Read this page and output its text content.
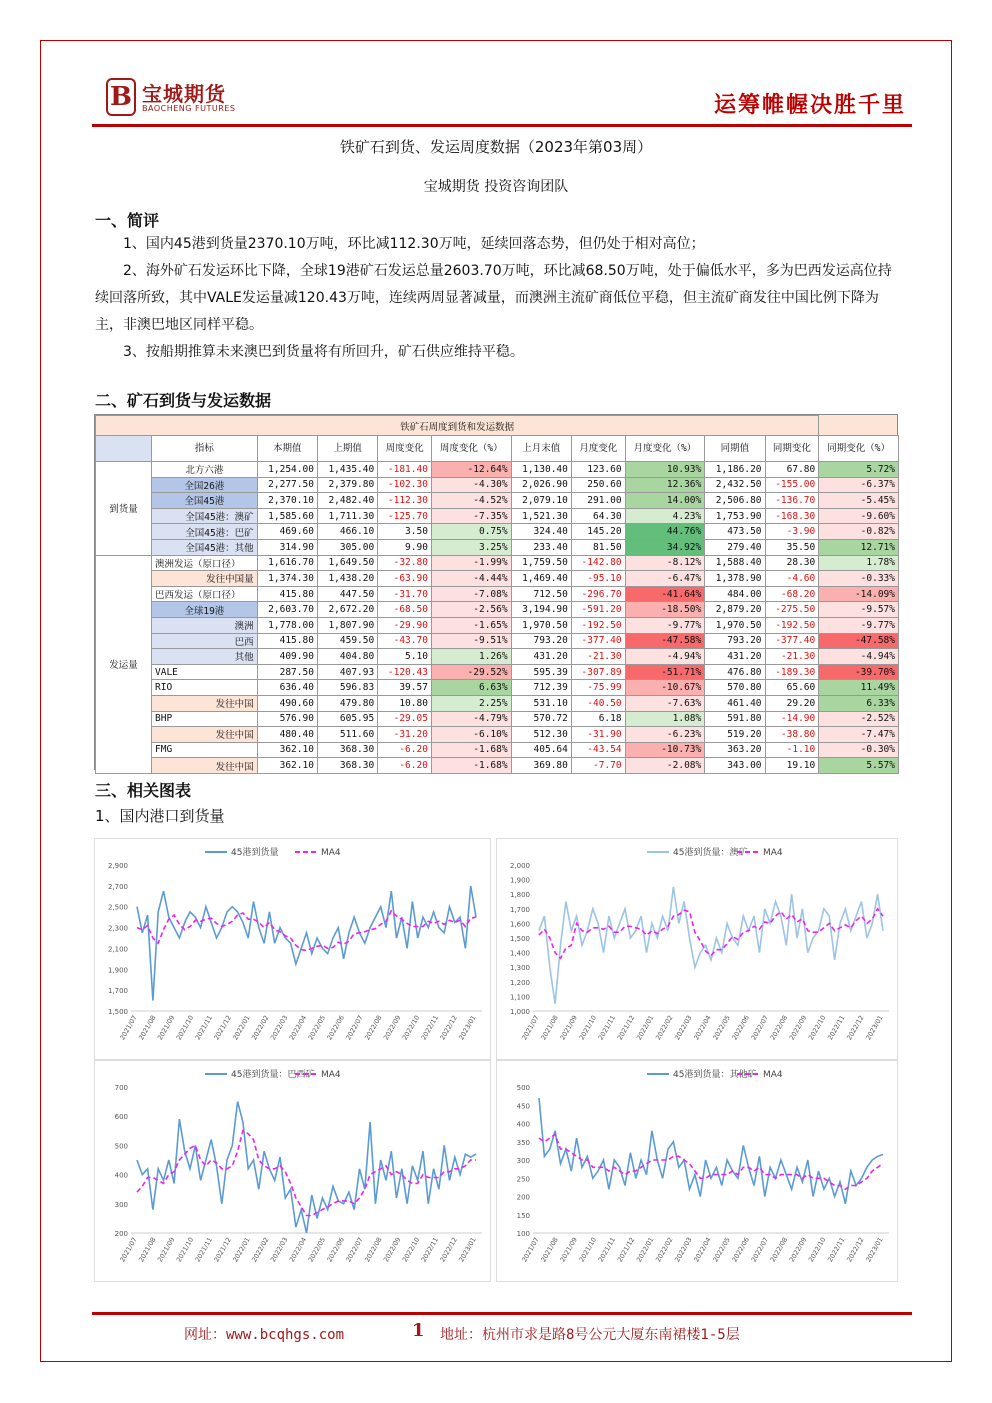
B 宝城期货
BAOCHENG FUTURES	运筹帷幄决胜千里
铁矿石到货、发运周度数据（2023年第03周）
宝城期货 投资咨询团队
一、简评
1、国内45港到货量2370.10万吨，环比减112.30万吨，延续回落态势，但仍处于相对高位；
2、海外矿石发运环比下降，全球19港矿石发运总量2603.70万吨，环比减68.50万吨，处于偏低水平，多为巴西发运高位持续回落所致，其中VALE发运量减120.43万吨，连续两周显著减量，而澳洲主流矿商低位平稳，但主流矿商发往中国比例下降为主，非澳巴地区同样平稳。
3、按船期推算未来澳巴到货量将有所回升，矿石供应维持平稳。
二、矿石到货与发运数据
铁矿石周度到货和发运数据											
	指标	本期值	上期值	周度变化	周度变化（%）	上月末值	月度变化	月度变化（%）	同期值	同期变化	同期变化（%）
到货量	北方六港	1,254.00	1,435.40	-181.40	-12.64%	1,130.40	123.60	10.93%	1,186.20	67.80	5.72%
	全国26港	2,277.50	2,379.80	-102.30	-4.30%	2,026.90	250.60	12.36%	2,432.50	-155.00	-6.37%
	全国45港	2,370.10	2,482.40	-112.30	-4.52%	2,079.10	291.00	14.00%	2,506.80	-136.70	-5.45%
	全国45港：澳矿	1,585.60	1,711.30	-125.70	-7.35%	1,521.30	64.30	4.23%	1,753.90	-168.30	-9.60%
	全国45港：巴矿	469.60	466.10	3.50	0.75%	324.40	145.20	44.76%	473.50	-3.90	-0.82%
	全国45港：其他	314.90	305.00	9.90	3.25%	233.40	81.50	34.92%	279.40	35.50	12.71%
发运量	澳洲发运（原口径）	1,616.70	1,649.50	-32.80	-1.99%	1,759.50	-142.80	-8.12%	1,588.40	28.30	1.78%
	发往中国量	1,374.30	1,438.20	-63.90	-4.44%	1,469.40	-95.10	-6.47%	1,378.90	-4.60	-0.33%
	巴西发运（原口径）	415.80	447.50	-31.70	-7.08%	712.50	-296.70	-41.64%	484.00	-68.20	-14.09%
	全球19港	2,603.70	2,672.20	-68.50	-2.56%	3,194.90	-591.20	-18.50%	2,879.20	-275.50	-9.57%
	澳洲	1,778.00	1,807.90	-29.90	-1.65%	1,970.50	-192.50	-9.77%	1,970.50	-192.50	-9.77%
	巴西	415.80	459.50	-43.70	-9.51%	793.20	-377.40	-47.58%	793.20	-377.40	-47.58%
	其他	409.90	404.80	5.10	1.26%	431.20	-21.30	-4.94%	431.20	-21.30	-4.94%
	VALE	287.50	407.93	-120.43	-29.52%	595.39	-307.89	-51.71%	476.80	-189.30	-39.70%
	RIO	636.40	596.83	39.57	6.63%	712.39	-75.99	-10.67%	570.80	65.60	11.49%
	发往中国	490.60	479.80	10.80	2.25%	531.10	-40.50	-7.63%	461.40	29.20	6.33%
	BHP	576.90	605.95	-29.05	-4.79%	570.72	6.18	1.08%	591.80	-14.90	-2.52%
	发往中国	480.40	511.60	-31.20	-6.10%	512.30	-31.90	-6.23%	519.20	-38.80	-7.47%
	FMG	362.10	368.30	-6.20	-1.68%	405.64	-43.54	-10.73%	363.20	-1.10	-0.30%
	发往中国	362.10	368.30	-6.20	-1.68%	369.80	-7.70	-2.08%	343.00	19.10	5.57%
三、相关图表
1、国内港口到货量
1,500
1,700
1,900
2,100
2,300
2,500
2,700
2,900
2021/07
2021/08
2021/09
2021/10
2021/11
2021/12
2022/01
2022/02
2022/03
2022/04
2022/05
2022/06
2022/07
2022/08
2022/09
2022/10
2022/11
2022/12
2023/01
45港到货量	MA4
1,000
1,100
1,200
1,300
1,400
1,500
1,600
1,700
1,800
1,900
2,000
2021/07
2021/08
2021/09
2021/10
2021/11
2021/12
2022/01
2022/02
2022/03
2022/04
2022/05
2022/06
2022/07
2022/08
2022/09
2022/10
2022/11
2022/12
2023/01
45港到货量：澳矿 MA4
200
300
400
500
600
700
2021/07
2021/08
2021/09
2021/10
2021/11
2021/12
2022/01
2022/02
2022/03
2022/04
2022/05
2022/06
2022/07
2022/08
2022/09
2022/10
2022/11
2022/12
2023/01
45港到货量：巴西矿 MA4
100
150
200
250
300
350
400
450
500
2021/07
2021/08
2021/09
2021/10
2021/11
2021/12
2022/01
2022/02
2022/03
2022/04
2022/05
2022/06
2022/07
2022/08
2022/09
2022/10
2022/11
2022/12
2023/01
45港到货量：其他矿 MA4
网址：www.bcqhgs.com	1 地址：杭州市求是路8号公元大厦东南裙楼1-5层
